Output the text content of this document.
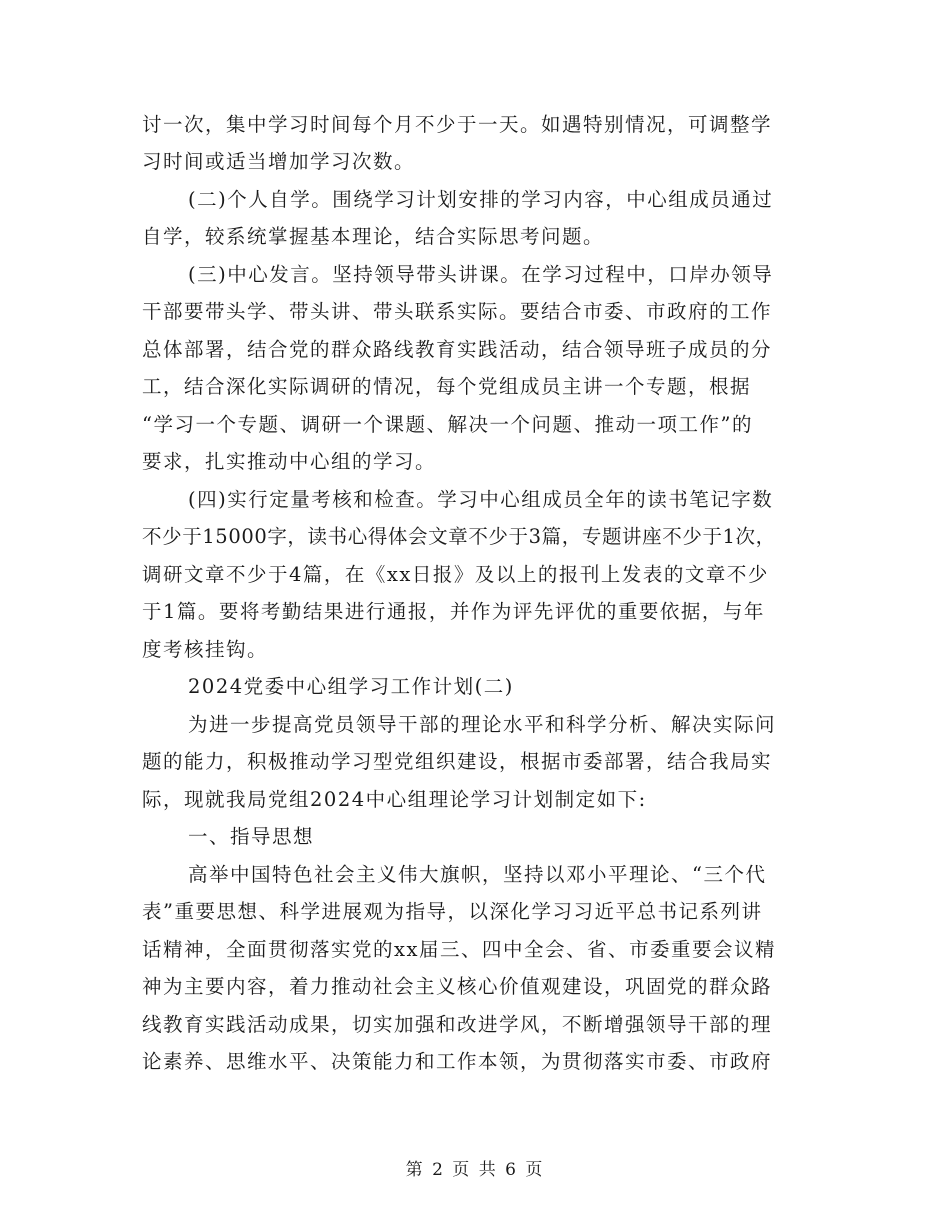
讨一次，集中学习时间每个月不少于一天。如遇特别情况，可调整学
习时间或适当增加学习次数。
(二)个人自学。围绕学习计划安排的学习内容，中心组成员通过
自学，较系统掌握基本理论，结合实际思考问题。
(三)中心发言。坚持领导带头讲课。在学习过程中，口岸办领导
干部要带头学、带头讲、带头联系实际。要结合市委、市政府的工作
总体部署，结合党的群众路线教育实践活动，结合领导班子成员的分
工，结合深化实际调研的情况，每个党组成员主讲一个专题，根据
“学习一个专题、调研一个课题、解决一个问题、推动一项工作”的
要求，扎实推动中心组的学习。
(四)实行定量考核和检查。学习中心组成员全年的读书笔记字数
不少于15000字，读书心得体会文章不少于3篇，专题讲座不少于1次，
调研文章不少于4篇，在《xx日报》及以上的报刊上发表的文章不少
于1篇。要将考勤结果进行通报，并作为评先评优的重要依据，与年
度考核挂钩。
2024党委中心组学习工作计划(二)
为进一步提高党员领导干部的理论水平和科学分析、解决实际问
题的能力，积极推动学习型党组织建设，根据市委部署，结合我局实
际，现就我局党组2024中心组理论学习计划制定如下:
一、指导思想
高举中国特色社会主义伟大旗帜，坚持以邓小平理论、“三个代
表”重要思想、科学进展观为指导，以深化学习习近平总书记系列讲
话精神，全面贯彻落实党的xx届三、四中全会、省、市委重要会议精
神为主要内容，着力推动社会主义核心价值观建设，巩固党的群众路
线教育实践活动成果，切实加强和改进学风，不断增强领导干部的理
论素养、思维水平、决策能力和工作本领，为贯彻落实市委、市政府
第 2 页 共 6 页
